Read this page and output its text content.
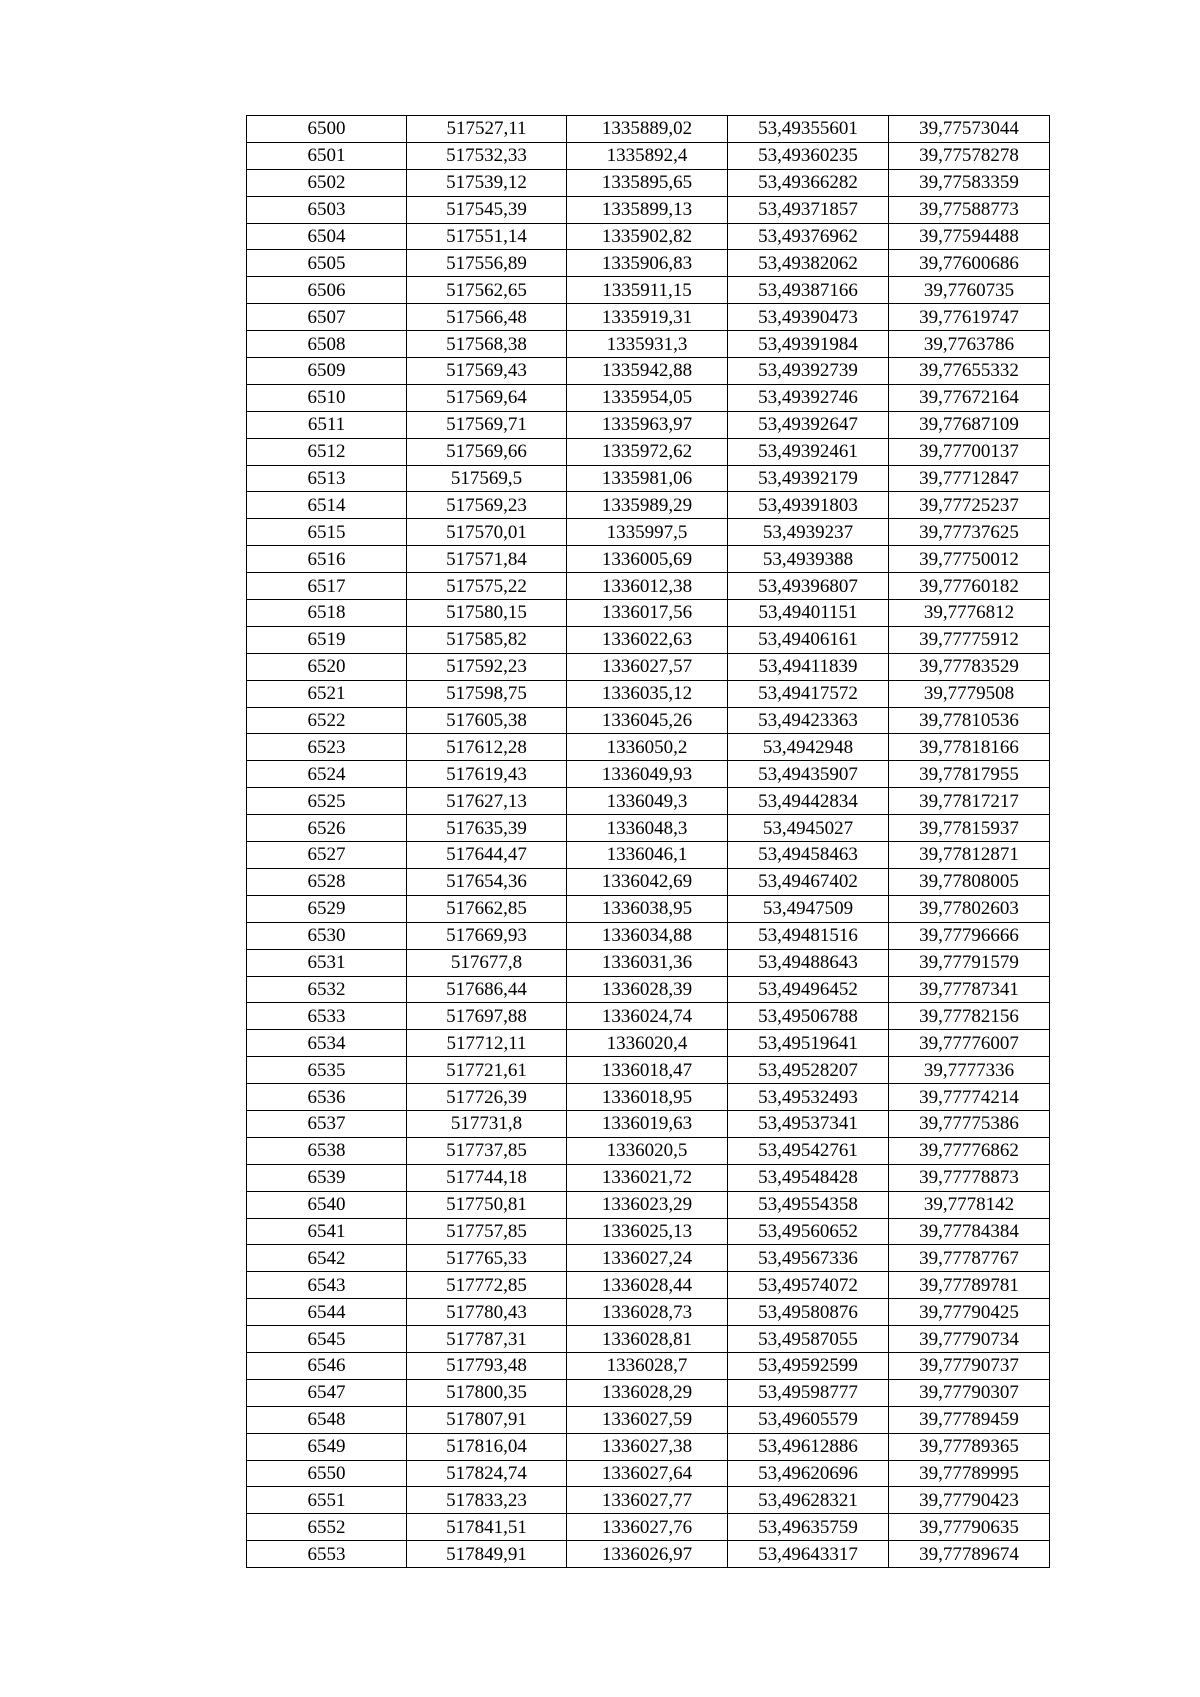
6500	517527,11	1335889,02	53,49355601	39,77573044
6501	517532,33	1335892,4	53,49360235	39,77578278
6502	517539,12	1335895,65	53,49366282	39,77583359
6503	517545,39	1335899,13	53,49371857	39,77588773
6504	517551,14	1335902,82	53,49376962	39,77594488
6505	517556,89	1335906,83	53,49382062	39,77600686
6506	517562,65	1335911,15	53,49387166	39,7760735
6507	517566,48	1335919,31	53,49390473	39,77619747
6508	517568,38	1335931,3	53,49391984	39,7763786
6509	517569,43	1335942,88	53,49392739	39,77655332
6510	517569,64	1335954,05	53,49392746	39,77672164
6511	517569,71	1335963,97	53,49392647	39,77687109
6512	517569,66	1335972,62	53,49392461	39,77700137
6513	517569,5	1335981,06	53,49392179	39,77712847
6514	517569,23	1335989,29	53,49391803	39,77725237
6515	517570,01	1335997,5	53,4939237	39,77737625
6516	517571,84	1336005,69	53,4939388	39,77750012
6517	517575,22	1336012,38	53,49396807	39,77760182
6518	517580,15	1336017,56	53,49401151	39,7776812
6519	517585,82	1336022,63	53,49406161	39,77775912
6520	517592,23	1336027,57	53,49411839	39,77783529
6521	517598,75	1336035,12	53,49417572	39,7779508
6522	517605,38	1336045,26	53,49423363	39,77810536
6523	517612,28	1336050,2	53,4942948	39,77818166
6524	517619,43	1336049,93	53,49435907	39,77817955
6525	517627,13	1336049,3	53,49442834	39,77817217
6526	517635,39	1336048,3	53,4945027	39,77815937
6527	517644,47	1336046,1	53,49458463	39,77812871
6528	517654,36	1336042,69	53,49467402	39,77808005
6529	517662,85	1336038,95	53,4947509	39,77802603
6530	517669,93	1336034,88	53,49481516	39,77796666
6531	517677,8	1336031,36	53,49488643	39,77791579
6532	517686,44	1336028,39	53,49496452	39,77787341
6533	517697,88	1336024,74	53,49506788	39,77782156
6534	517712,11	1336020,4	53,49519641	39,77776007
6535	517721,61	1336018,47	53,49528207	39,7777336
6536	517726,39	1336018,95	53,49532493	39,77774214
6537	517731,8	1336019,63	53,49537341	39,77775386
6538	517737,85	1336020,5	53,49542761	39,77776862
6539	517744,18	1336021,72	53,49548428	39,77778873
6540	517750,81	1336023,29	53,49554358	39,7778142
6541	517757,85	1336025,13	53,49560652	39,77784384
6542	517765,33	1336027,24	53,49567336	39,77787767
6543	517772,85	1336028,44	53,49574072	39,77789781
6544	517780,43	1336028,73	53,49580876	39,77790425
6545	517787,31	1336028,81	53,49587055	39,77790734
6546	517793,48	1336028,7	53,49592599	39,77790737
6547	517800,35	1336028,29	53,49598777	39,77790307
6548	517807,91	1336027,59	53,49605579	39,77789459
6549	517816,04	1336027,38	53,49612886	39,77789365
6550	517824,74	1336027,64	53,49620696	39,77789995
6551	517833,23	1336027,77	53,49628321	39,77790423
6552	517841,51	1336027,76	53,49635759	39,77790635
6553	517849,91	1336026,97	53,49643317	39,77789674
